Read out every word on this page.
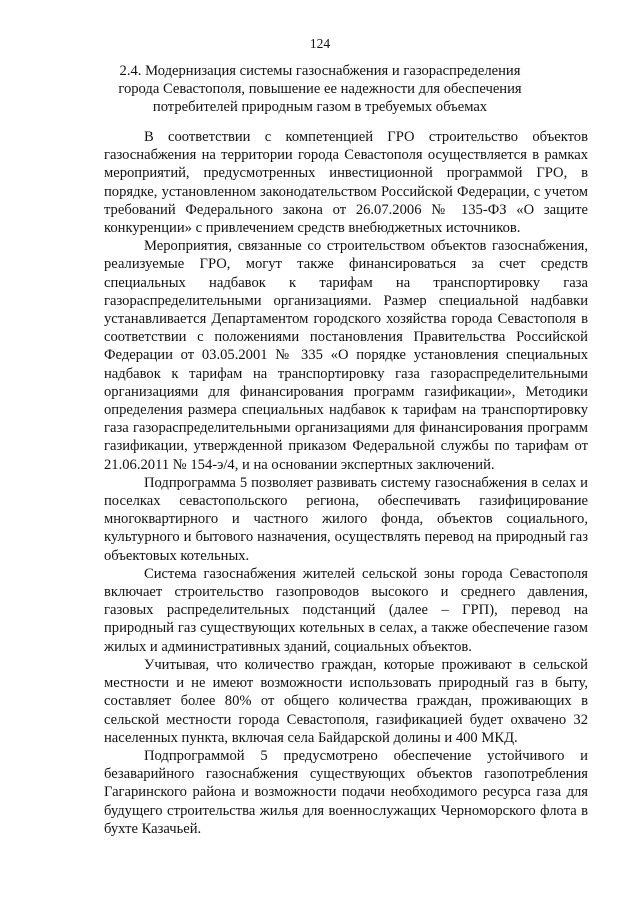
124
2.4. Модернизация системы газоснабжения и газораспределения города Севастополя, повышение ее надежности для обеспечения потребителей природным газом в требуемых объемах

В соответствии с компетенцией ГРО строительство объектов газоснабжения на территории города Севастополя осуществляется в рамках мероприятий, предусмотренных инвестиционной программой ГРО, в порядке, установленном законодательством Российской Федерации, с учетом требований Федерального закона от 26.07.2006 № 135-ФЗ «О защите конкуренции» с привлечением средств внебюджетных источников.

Мероприятия, связанные со строительством объектов газоснабжения, реализуемые ГРО, могут также финансироваться за счет средств специальных надбавок к тарифам на транспортировку газа газораспределительными организациями. Размер специальной надбавки устанавливается Департаментом городского хозяйства города Севастополя в соответствии с положениями постановления Правительства Российской Федерации от 03.05.2001 № 335 «О порядке установления специальных надбавок к тарифам на транспортировку газа газораспределительными организациями для финансирования программ газификации», Методики определения размера специальных надбавок к тарифам на транспортировку газа газораспределительными организациями для финансирования программ газификации, утвержденной приказом Федеральной службы по тарифам от 21.06.2011 № 154-э/4, и на основании экспертных заключений.

Подпрограмма 5 позволяет развивать систему газоснабжения в селах и поселках севастопольского региона, обеспечивать газифицирование многоквартирного и частного жилого фонда, объектов социального, культурного и бытового назначения, осуществлять перевод на природный газ объектовых котельных.

Система газоснабжения жителей сельской зоны города Севастополя включает строительство газопроводов высокого и среднего давления, газовых распределительных подстанций (далее – ГРП), перевод на природный газ существующих котельных в селах, а также обеспечение газом жилых и административных зданий, социальных объектов.

Учитывая, что количество граждан, которые проживают в сельской местности и не имеют возможности использовать природный газ в быту, составляет более 80% от общего количества граждан, проживающих в сельской местности города Севастополя, газификацией будет охвачено 32 населенных пункта, включая села Байдарской долины и 400 МКД.

Подпрограммой 5 предусмотрено обеспечение устойчивого и безаварийного газоснабжения существующих объектов газопотребления Гагаринского района и возможности подачи необходимого ресурса газа для будущего строительства жилья для военнослужащих Черноморского флота в бухте Казачьей.
